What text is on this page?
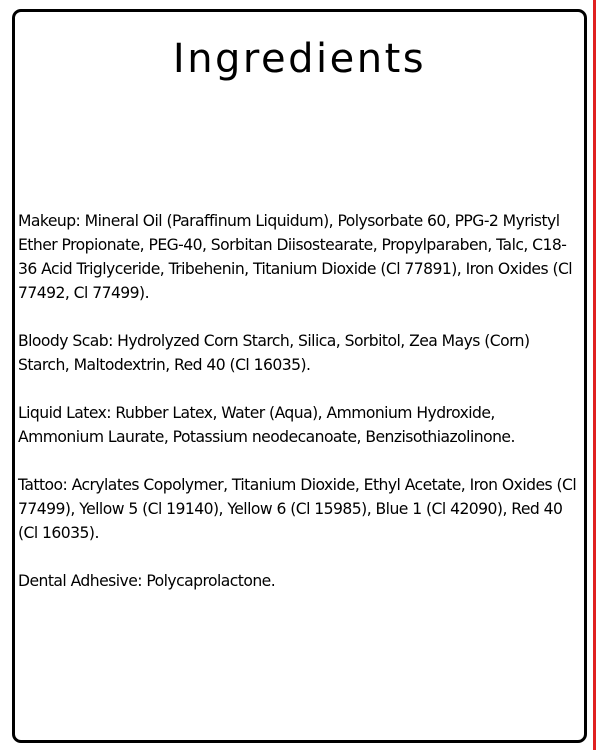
Ingredients

Makeup: Mineral Oil (Paraffinum Liquidum), Polysorbate 60, PPG-2 Myristyl Ether Propionate, PEG-40, Sorbitan Diisostearate, Propylparaben, Talc, C18-36 Acid Triglyceride, Tribehenin, Titanium Dioxide (Cl 77891), Iron Oxides (Cl 77492, Cl 77499).

Bloody Scab: Hydrolyzed Corn Starch, Silica, Sorbitol, Zea Mays (Corn) Starch, Maltodextrin, Red 40 (Cl 16035).

Liquid Latex: Rubber Latex, Water (Aqua), Ammonium Hydroxide, Ammonium Laurate, Potassium neodecanoate, Benzisothiazolinone.

Tattoo: Acrylates Copolymer, Titanium Dioxide, Ethyl Acetate, Iron Oxides (Cl 77499), Yellow 5 (Cl 19140), Yellow 6 (Cl 15985), Blue 1 (Cl 42090), Red 40 (Cl 16035).

Dental Adhesive: Polycaprolactone.
